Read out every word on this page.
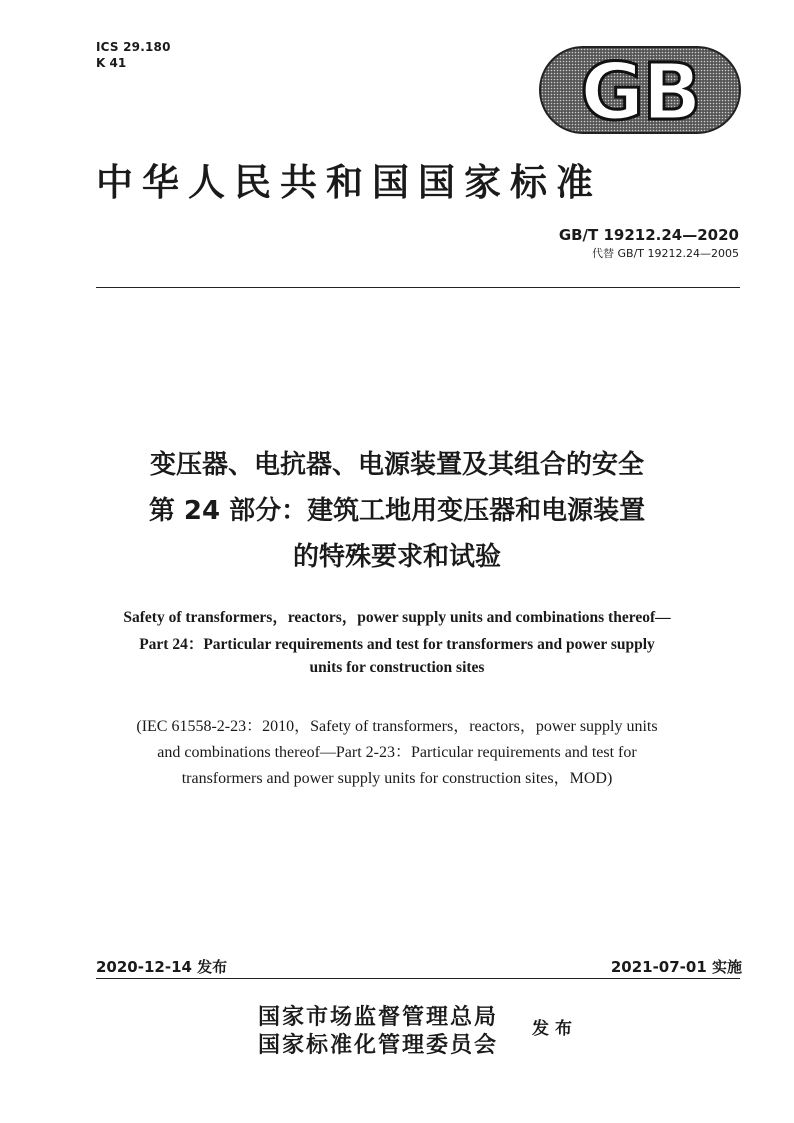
ICS 29.180
K 41	GB
中华人民共和国国家标准
GB/T 19212.24—2020
代替 GB/T 19212.24—2005
变压器、电抗器、电源装置及其组合的安全
第 24 部分：建筑工地用变压器和电源装置
的特殊要求和试验
Safety of transformers，reactors，power supply units and combinations thereof—
Part 24：Particular requirements and test for transformers and power supply
units for construction sites
(IEC 61558-2-23：2010，Safety of transformers，reactors，power supply units
and combinations thereof—Part 2-23：Particular requirements and test for
transformers and power supply units for construction sites，MOD)
2020-12-14 发布	2021-07-01 实施
国家市场监督管理总局
国家标准化管理委员会
发布
